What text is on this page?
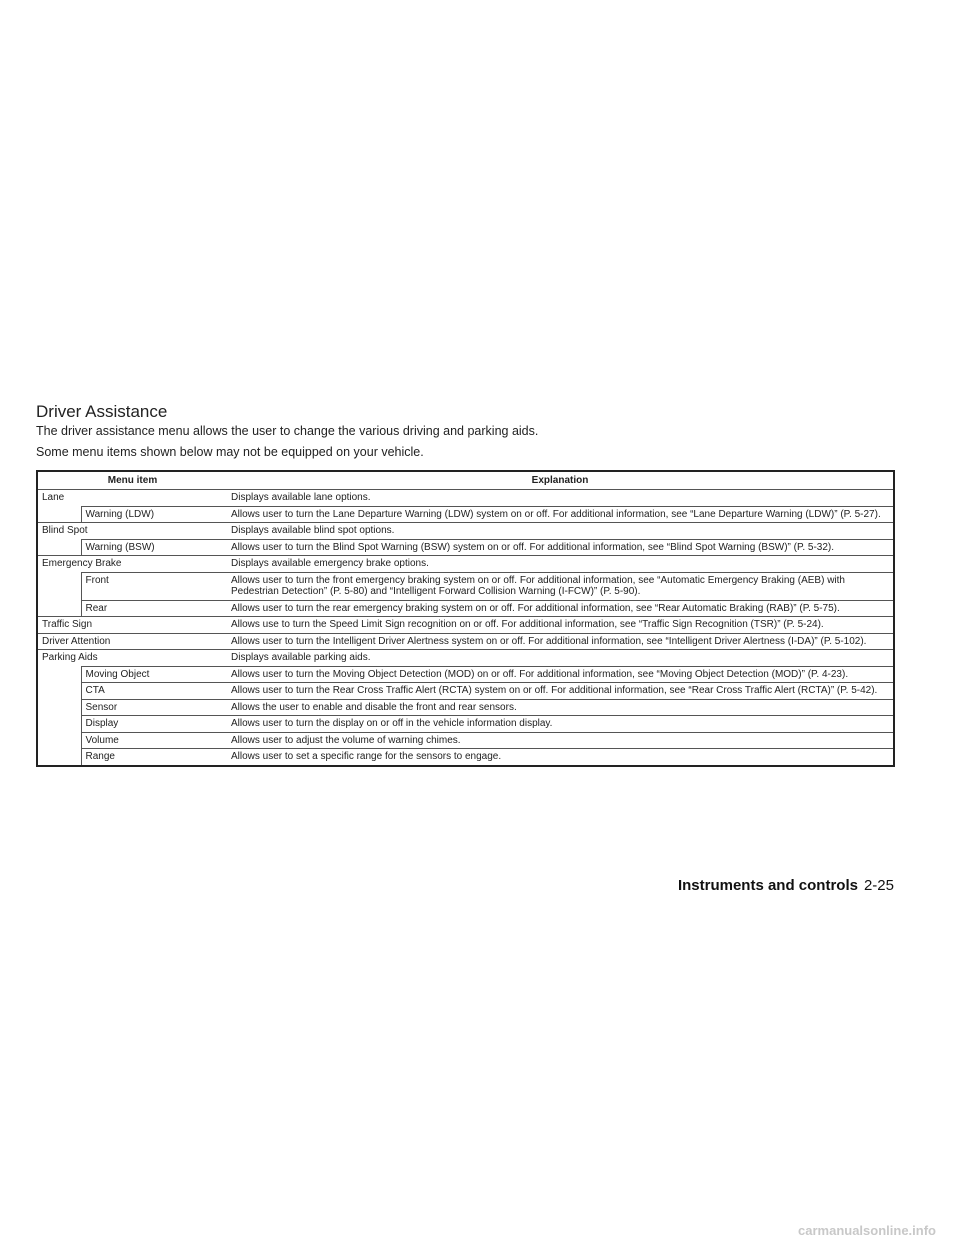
Driver Assistance

The driver assistance menu allows the user to change the various driving and parking aids.

Some menu items shown below may not be equipped on your vehicle.

Menu item		Explanation
Lane		Displays available lane options.
	Warning (LDW)	Allows user to turn the Lane Departure Warning (LDW) system on or off. For additional information, see “Lane Departure Warning (LDW)” (P. 5-27).
Blind Spot		Displays available blind spot options.
	Warning (BSW)	Allows user to turn the Blind Spot Warning (BSW) system on or off. For additional information, see “Blind Spot Warning (BSW)” (P. 5-32).
Emergency Brake		Displays available emergency brake options.
	Front	Allows user to turn the front emergency braking system on or off. For additional information, see “Automatic Emergency Braking (AEB) with Pedestrian Detection” (P. 5-80) and “Intelligent Forward Collision Warning (I-FCW)” (P. 5-90).
	Rear	Allows user to turn the rear emergency braking system on or off. For additional information, see “Rear Automatic Braking (RAB)” (P. 5-75).
Traffic Sign		Allows use to turn the Speed Limit Sign recognition on or off. For additional information, see “Traffic Sign Recognition (TSR)” (P. 5-24).
Driver Attention		Allows user to turn the Intelligent Driver Alertness system on or off. For additional information, see “Intelligent Driver Alertness (I-DA)” (P. 5-102).
Parking Aids		Displays available parking aids.
	Moving Object	Allows user to turn the Moving Object Detection (MOD) on or off. For additional information, see “Moving Object Detection (MOD)” (P. 4-23).
	CTA	Allows user to turn the Rear Cross Traffic Alert (RCTA) system on or off. For additional information, see “Rear Cross Traffic Alert (RCTA)” (P. 5-42).
	Sensor	Allows the user to enable and disable the front and rear sensors.
	Display	Allows user to turn the display on or off in the vehicle information display.
	Volume	Allows user to adjust the volume of warning chimes.
	Range	Allows user to set a specific range for the sensors to engage.
Instruments and controls 2-25
carmanualsonline.info
